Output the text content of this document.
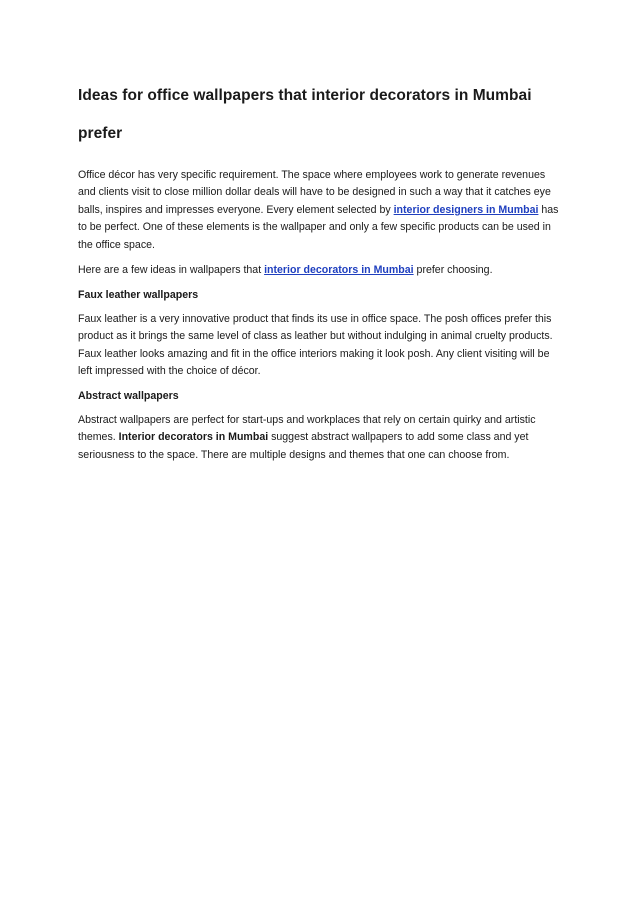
Ideas for office wallpapers that interior decorators in Mumbai
prefer

Office décor has very specific requirement. The space where employees work to generate revenues and clients visit to close million dollar deals will have to be designed in such a way that it catches eye balls, inspires and impresses everyone. Every element selected by interior designers in Mumbai has to be perfect. One of these elements is the wallpaper and only a few specific products can be used in the office space.

Here are a few ideas in wallpapers that interior decorators in Mumbai prefer choosing.

Faux leather wallpapers

Faux leather is a very innovative product that finds its use in office space. The posh offices prefer this product as it brings the same level of class as leather but without indulging in animal cruelty products. Faux leather looks amazing and fit in the office interiors making it look posh. Any client visiting will be left impressed with the choice of décor.

Abstract wallpapers

Abstract wallpapers are perfect for start-ups and workplaces that rely on certain quirky and artistic themes. Interior decorators in Mumbai suggest abstract wallpapers to add some class and yet seriousness to the space. There are multiple designs and themes that one can choose from.
